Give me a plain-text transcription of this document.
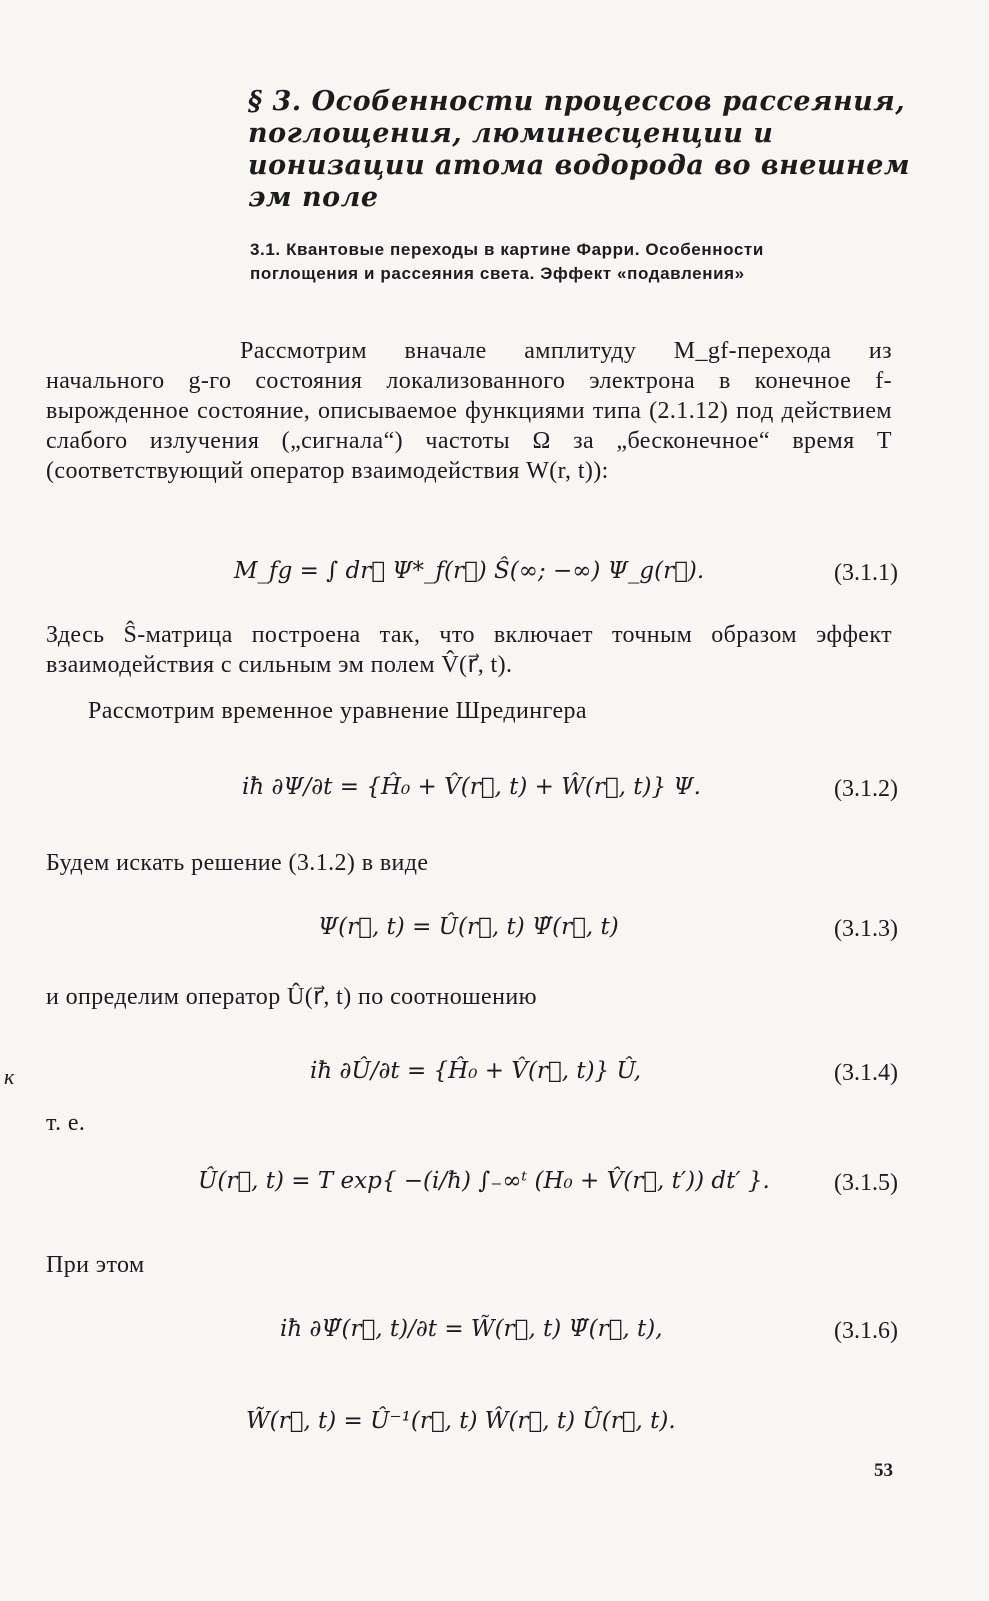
§ 3. Особенности процессов рассеяния, поглощения, люминесценции и ионизации атома водорода во внешнем эм поле
3.1. Квантовые переходы в картине Фарри. Особенности поглощения и рассеяния света. Эффект «подавления»
Рассмотрим вначале амплитуду M_gf-перехода из начального g-го состояния локализованного электрона в конечное f-вырожденное состояние, описываемое функциями типа (2.1.12) под действием слабого излучения („сигнала“) частоты Ω за „бесконечное“ время T (соответствующий оператор взаимодействия W(r, t)):
M_fg = ∫ dr⃗ Ψ*_f(r⃗) Ŝ(∞; −∞) Ψ_g(r⃗).	(3.1.1)
Здесь Ŝ-матрица построена так, что включает точным образом эффект взаимодействия с сильным эм полем V̂(r⃗, t).
Рассмотрим временное уравнение Шредингера
iħ ∂Ψ/∂t = {Ĥ₀ + V̂(r⃗, t) + Ŵ(r⃗, t)} Ψ.	(3.1.2)
Будем искать решение (3.1.2) в виде
Ψ(r⃗, t) = Û(r⃗, t) Ψ̃(r⃗, t)	(3.1.3)
и определим оператор Û(r⃗, t) по соотношению
к	iħ ∂Û/∂t = {Ĥ₀ + V̂(r⃗, t)} Û,	(3.1.4)
т. е.
Û(r⃗, t) = T exp{ −(i/ħ) ∫₋∞ᵗ (H₀ + V̂(r⃗, t′)) dt′ }.	(3.1.5)
При этом
iħ ∂Ψ̃(r⃗, t)/∂t = W̃(r⃗, t) Ψ̃(r⃗, t),	(3.1.6)
W̃(r⃗, t) = Û⁻¹(r⃗, t) Ŵ(r⃗, t) Û(r⃗, t).
53
